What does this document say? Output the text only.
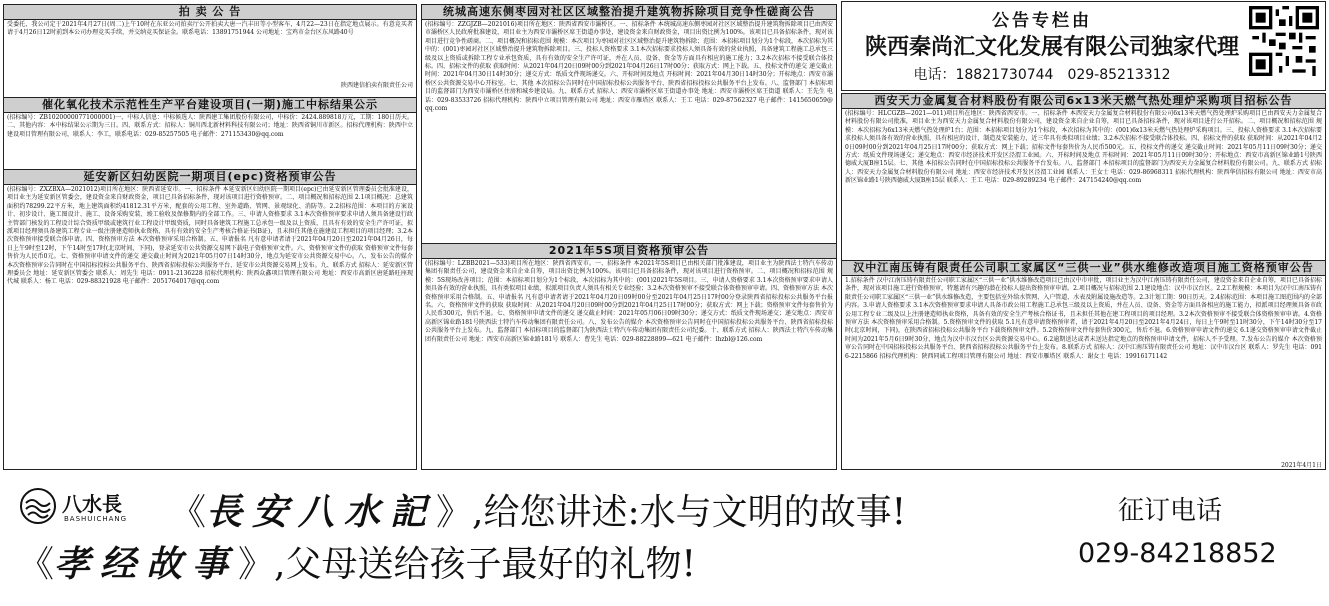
拍 卖 公 告
受委托，我公司定于2021年4月27日(周二)上午10时在东亚公司拍卖厅公开拍卖大唐一汽丰田等小型客车，4月22—23日在指定地点展示。有意竞买者请于4月26日12时前到本公司办理竞买手续，并交纳竞买保证金。联系电话：13891751944 公司地址：宝鸡市金台区东风路40号
陕西建信拍卖有限责任公司
催化氧化技术示范性生产平台建设项目(一期)施工中标结果公示
(招标编号：ZB10200000771000001)一、中标人信息：中标候选人：陕西建工集团股份有限公司，中标价：2424.889818万元，工期：180日历天。二、其他内容：本中标结果公示期为三日。四、联系方式：招标人：铜川西北新材料科技有限公司；地址：陕西省铜川市新区。招标代理机构：陕西中立建设项目管理有限公司，联系人：李工，联系电话：029-85257505 电子邮件：271153430@qq.com
延安新区妇幼医院一期项目(epc)资格预审公告
(招标编号：ZXZBXA—2021012)项目所在地区：陕西省延安市。一、招标条件 本延安新区妇幼医院一期项目(epc)已由延安新区管理委员会批准建设，项目业主为延安新区管委会，建设资金来自财政资金，项目已具备招标条件，现对该项目进行资格预审。二、项目概况和招标范围 2.1项目概况：总建筑面积约78299.22平方米，地上建筑面积约41812.31平方米，配套的公用工程、室外道路、管网、景观绿化、消防等。2.2招标范围：本项目的方案设计、初步设计、施工图设计、施工、设备采购安装、竣工验收及保修期内的全部工作。三、申请人资格要求 3.1本次资格预审要求申请人须具备建设行政主管部门核发的工程设计综合资质甲级或建筑行业工程设计甲级资质，同时具备建筑工程施工总承包一级及以上资质，且具有有效的安全生产许可证，拟派项目经理须具备建筑工程专业一级注册建造师执业资格，具有有效的安全生产考核合格证书(B证)，且未担任其他在施建设工程项目的项目经理；3.2本次资格预审接受联合体申请。四、资格预审方法 本次资格预审采用合格制。五、申请报名 凡有意申请者请于2021年04月20日至2021年04月26日，每日上午9时至12时，下午14时至17时(北京时间，下同)，登录延安市公共资源交易网下载电子资格预审文件。六、资格预审文件的获取 资格预审文件每套售价为人民币0元。七、资格预审申请文件的递交 递交截止时间为2021年05月07日14时30分，地点为延安市公共资源交易中心。八、发布公告的媒介 本次资格预审公告同时在中国招标投标公共服务平台、陕西省招标投标公共服务平台、延安市公共资源交易网上发布。九、联系方式 招标人：延安新区管理委员会 地址：延安新区管委会 联系人：周先生 电话：0911-2136228 招标代理机构：陕西众鑫项目管理有限公司 地址：西安市高新区唐延路旺座现代城 联系人：杨工 电话：029-88321928 电子邮件：2051764017@qq.com
统城高速东侧枣园对社区区域整治提升建筑物拆除项目竞争性磋商公告
(招标编号：ZZGJZB—2021016)项目所在地区：陕西省西安市灞桥区。一、招标条件 本统城高速东侧枣园对社区区域整治提升建筑物拆除项目已由西安市灞桥区人民政府批准建设，项目业主为西安市灞桥区席王街道办事处，建设资金来自财政资金，项目出资比例为100%。该项目已具备招标条件，现对该项目进行竞争性磋商。二、项目概况和招标范围 规模：本次项目为枣园对社区区域整治提升建筑物拆除；范围：本招标项目划分为1个标段，本次招标为其中的：(001)枣园对社区区域整治提升建筑物拆除项目。三、投标人资格要求 3.1本次招标要求投标人须具备有效的营业执照，具备建筑工程施工总承包三级及以上资质或拆除工程专业承包资质，具有有效的安全生产许可证，并在人员、设备、资金等方面具有相应的施工能力；3.2本次招标不接受联合体投标。四、招标文件的获取 获取时间：从2021年04月20日09时00分到2021年04月26日17时00分；获取方式：网上下载。五、投标文件的递交 递交截止时间：2021年04月30日14时30分；递交方式：纸质文件现场递交。六、开标时间及地点 开标时间：2021年04月30日14时30分；开标地点：西安市灞桥区公共资源交易中心开标室。七、其他 本次招标公告同时在中国招标投标公共服务平台、陕西省招标投标公共服务平台上发布。八、监督部门 本招标项目的监督部门为西安市灞桥区住房和城乡建设局。九、联系方式 招标人：西安市灞桥区席王街道办事处 地址：西安市灞桥区席王街道 联系人：王先生 电话：029-83533726 招标代理机构：陕西中立项目管理有限公司 地址：西安市雁塔区 联系人：王工 电话：029-87562327 电子邮件：1415650659@qq.com
2021年5S项目资格预审公告
(招标编号：LZBB2021—533)项目所在地区：陕西省西安市。一、招标条件 本2021年5S项目已由相关部门批准建设，项目业主为陕西法士特汽车传动集团有限责任公司，建设资金来自企业自筹，项目出资比例为100%。该项目已具备招标条件，现对该项目进行资格预审。二、项目概况和招标范围 规模：5S现场改善项目；范围：本招标项目划分为1个标段，本次招标为其中的：(001)2021年5S项目。三、申请人资格要求 3.1本次资格预审要求申请人须具备有效的营业执照，具有类似项目业绩，拟派项目负责人须具有相关专业经验；3.2本次资格预审不接受联合体资格预审申请。四、资格预审方法 本次资格预审采用合格制。五、申请报名 凡有意申请者请于2021年04月20日09时00分至2021年04月25日17时00分登录陕西省招标投标公共服务平台报名。六、资格预审文件的获取 获取时间：从2021年04月20日09时00分到2021年04月25日17时00分；获取方式：网上下载；资格预审文件每套售价为人民币300元，售后不退。七、资格预审申请文件的递交 递交截止时间：2021年05月06日09时30分；递交方式：纸质文件现场递交；递交地点：西安市高新区锦业路181号陕西法士特汽车传动集团有限责任公司。八、发布公告的媒介 本次资格预审公告同时在中国招标投标公共服务平台、陕西省招标投标公共服务平台上发布。九、监督部门 本招标项目的监督部门为陕西法士特汽车传动集团有限责任公司纪委。十、联系方式 招标人：陕西法士特汽车传动集团有限责任公司 地址：西安市高新区锦业路181号 联系人：曹先生 电话：029-88228899—621 电子邮件：lhzbl@126.com
公告专栏由
陕西秦尚汇文化发展有限公司独家代理
电话：18821730744　029-85213312
西安天力金属复合材料股份有限公司6x13米天燃气热处理炉采购项目招标公告
(招标编号：HLCGZB—2021—011)项目所在地区：陕西省西安市。一、招标条件 本西安天力金属复合材料股份有限公司6x13米天燃气热处理炉采购项目已由西安天力金属复合材料股份有限公司批准，项目业主为西安天力金属复合材料股份有限公司，建设资金来自企业自筹，项目已具备招标条件，现对该项目进行公开招标。二、项目概况和招标范围 规模：本次招标为6x13米天燃气热处理炉1台；范围：本招标项目划分为1个标段，本次招标为其中的：(001)6x13米天燃气热处理炉采购项目。三、投标人资格要求 3.1本次招标要求投标人须具备有效的营业执照，具有相应的设计、制造及安装能力，近三年具有类似项目业绩；3.2本次招标不接受联合体投标。四、招标文件的获取 获取时间：从2021年04月20日09时00分到2021年04月25日17时00分；获取方式：网上下载；招标文件每套售价为人民币500元。五、投标文件的递交 递交截止时间：2021年05月11日09时30分；递交方式：纸质文件现场递交；递交地点：西安市经济技术开发区泾渭工业园。六、开标时间及地点 开标时间：2021年05月11日09时30分；开标地点：西安市高新区锦业路1号陕西德威大厦B座15层。七、其他 本招标公告同时在中国招标投标公共服务平台发布。八、监督部门 本招标项目的监督部门为西安天力金属复合材料股份有限公司。九、联系方式 招标人：西安天力金属复合材料股份有限公司 地址：西安市经济技术开发区泾渭工业园 联系人：王女士 电话：029-86968311 招标代理机构：陕西华信招标有限公司 地址：西安市高新区锦业路1号陕西德威大厦B座15层 联系人：王工 电话：029-89289234 电子邮件：247154240@qq.com
汉中江南压铸有限责任公司职工家属区“三供一业”供水维修改造项目施工资格预审公告
1.招标条件 汉中江南压铸有限责任公司职工家属区“三供一业”供水维修改造项目已由汉中市审批，项目业主为汉中江南压铸有限责任公司，建设资金来自企业自筹，项目已具备招标条件，现对该项目施工进行资格预审，特邀请有兴趣的潜在投标人提出资格预审申请。2.项目概况与招标范围 2.1建设地点：汉中市汉台区。2.2工程规模：本项目为汉中江南压铸有限责任公司职工家属区“三供一业”供水维修改造，主要包括室外给水管网、入户管道、水表及附属设施改造等。2.3计划工期：90日历天。2.4招标范围：本项目施工图范围内的全部内容。3.申请人资格要求 3.1本次资格预审要求申请人具备市政公用工程施工总承包三级及以上资质，并在人员、设备、资金等方面具备相应的施工能力，拟派项目经理须具备市政公用工程专业二级及以上注册建造师执业资格，具备有效的安全生产考核合格证书，且未担任其他在建工程项目的项目经理。3.2本次资格预审不接受联合体资格预审申请。4.资格预审方法 本次资格预审采用合格制。5.资格预审文件的获取 5.1凡有意申请资格预审者，请于2021年4月20日至2021年4月24日，每日上午9时至11时30分，下午14时30分至17时(北京时间，下同)，在陕西省招标投标公共服务平台下载资格预审文件。5.2资格预审文件每套售价300元，售后不退。6.资格预审申请文件的递交 6.1递交资格预审申请文件截止时间为2021年5月6日9时30分，地点为汉中市汉台区公共资源交易中心。6.2逾期送达或者未送达指定地点的资格预审申请文件，招标人不予受理。7.发布公告的媒介 本次资格预审公告同时在中国招标投标公共服务平台、陕西省招标投标公共服务平台上发布。8.联系方式 招标人：汉中江南压铸有限责任公司 地址：汉中市汉台区 联系人：罗先生 电话：0916-2215866 招标代理机构：陕西同诚工程项目管理有限公司 地址：西安市雁塔区 联系人：谢女士 电话：19916171142
2021年4月1日
八水長
BASHUICHANG 《長安八水記》,给您讲述:水与文明的故事!
《孝经故事》,父母送给孩子最好的礼物!
征订电话
029-84218852
